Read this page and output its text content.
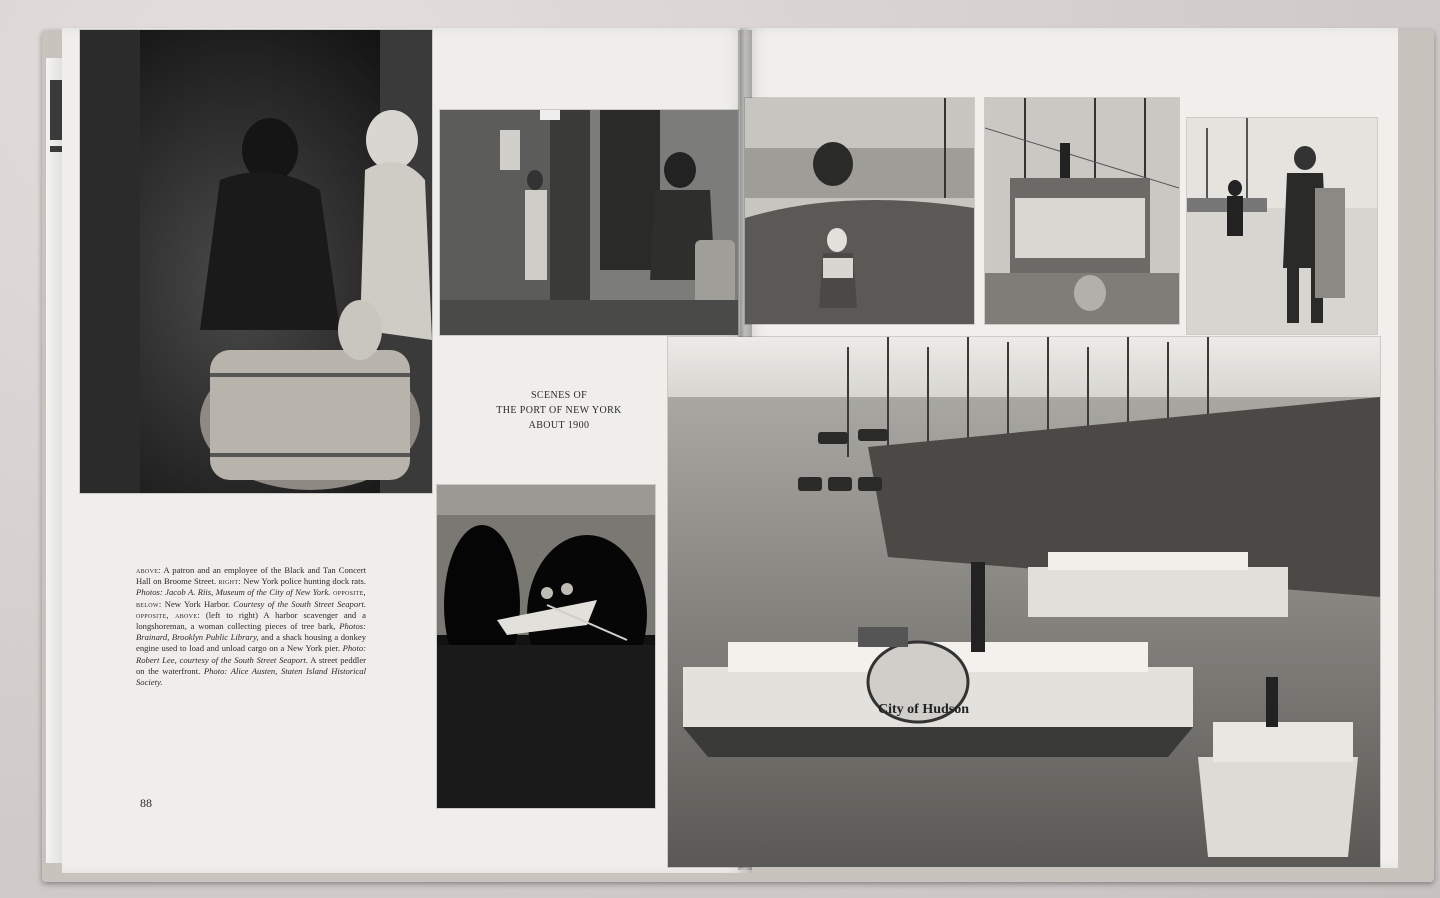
City of Hudson
SCENES OF
THE PORT OF NEW YORK
ABOUT 1900
above: A patron and an employee of the Black and Tan Concert Hall on Broome Street. right: New York police hunting dock rats. Photos: Jacob A. Riis, Museum of the City of New York. opposite, below: New York Harbor. Courtesy of the South Street Seaport. opposite, above: (left to right) A harbor scavenger and a longshoreman, a woman collecting pieces of tree bark, Photos: Brainard, Brooklyn Public Library, and a shack housing a donkey engine used to load and unload cargo on a New York pier. Photo: Robert Lee, courtesy of the South Street Seaport. A street peddler on the waterfront. Photo: Alice Austen, Staten Island Historical Society.
88
